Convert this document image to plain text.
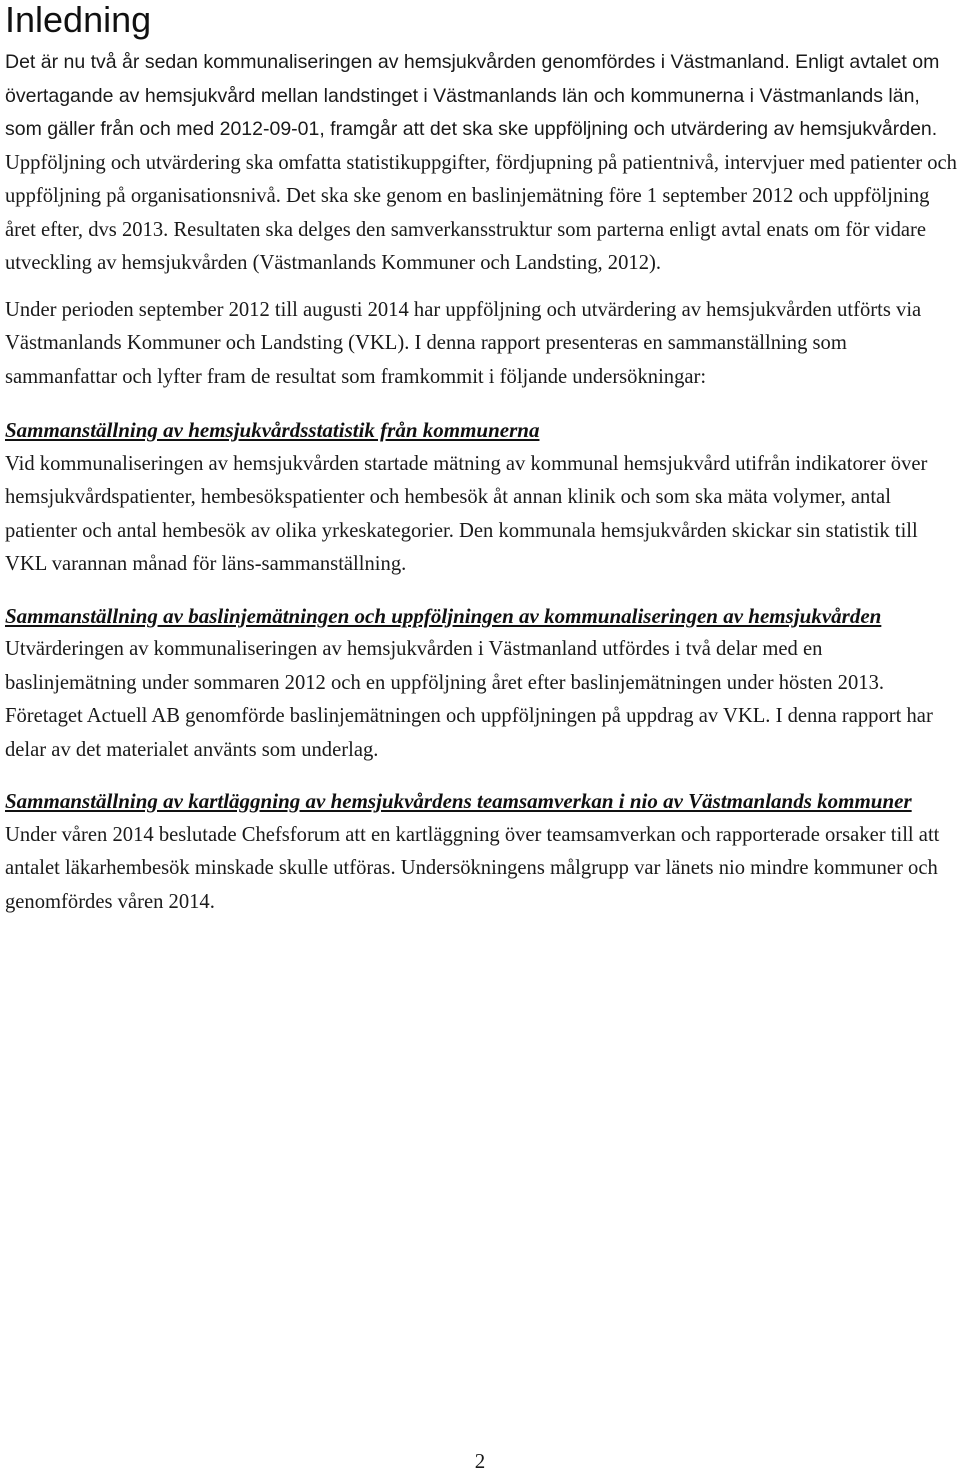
Inledning

Det är nu två år sedan kommunaliseringen av hemsjukvården genomfördes i Västmanland. Enligt avtalet om övertagande av hemsjukvård mellan landstinget i Västmanlands län och kommunerna i Västmanlands län, som gäller från och med 2012-09-01, framgår att det ska ske uppföljning och utvärdering av hemsjukvården. Uppföljning och utvärdering ska omfatta statistikuppgifter, fördjupning på patientnivå, intervjuer med patienter och uppföljning på organisationsnivå. Det ska ske genom en baslinjemätning före 1 september 2012 och uppföljning året efter, dvs 2013. Resultaten ska delges den samverkansstruktur som parterna enligt avtal enats om för vidare utveckling av hemsjukvården (Västmanlands Kommuner och Landsting, 2012).

Under perioden september 2012 till augusti 2014 har uppföljning och utvärdering av hemsjukvården utförts via Västmanlands Kommuner och Landsting (VKL). I denna rapport presenteras en sammanställning som sammanfattar och lyfter fram de resultat som framkommit i följande undersökningar:

Sammanställning av hemsjukvårdsstatistik från kommunerna

Vid kommunaliseringen av hemsjukvården startade mätning av kommunal hemsjukvård utifrån indikatorer över hemsjukvårdspatienter, hembesökspatienter och hembesök åt annan klinik och som ska mäta volymer, antal patienter och antal hembesök av olika yrkeskategorier. Den kommunala hemsjukvården skickar sin statistik till VKL varannan månad för läns-sammanställning.

Sammanställning av baslinjemätningen och uppföljningen av kommunaliseringen av hemsjukvården

Utvärderingen av kommunaliseringen av hemsjukvården i Västmanland utfördes i två delar med en baslinjemätning under sommaren 2012 och en uppföljning året efter baslinjemätningen under hösten 2013. Företaget Actuell AB genomförde baslinjemätningen och uppföljningen på uppdrag av VKL. I denna rapport har delar av det materialet använts som underlag.

Sammanställning av kartläggning av hemsjukvårdens teamsamverkan i nio av Västmanlands kommuner

Under våren 2014 beslutade Chefsforum att en kartläggning över teamsamverkan och rapporterade orsaker till att antalet läkarhembesök minskade skulle utföras. Undersökningens målgrupp var länets nio mindre kommuner och genomfördes våren 2014.

2
